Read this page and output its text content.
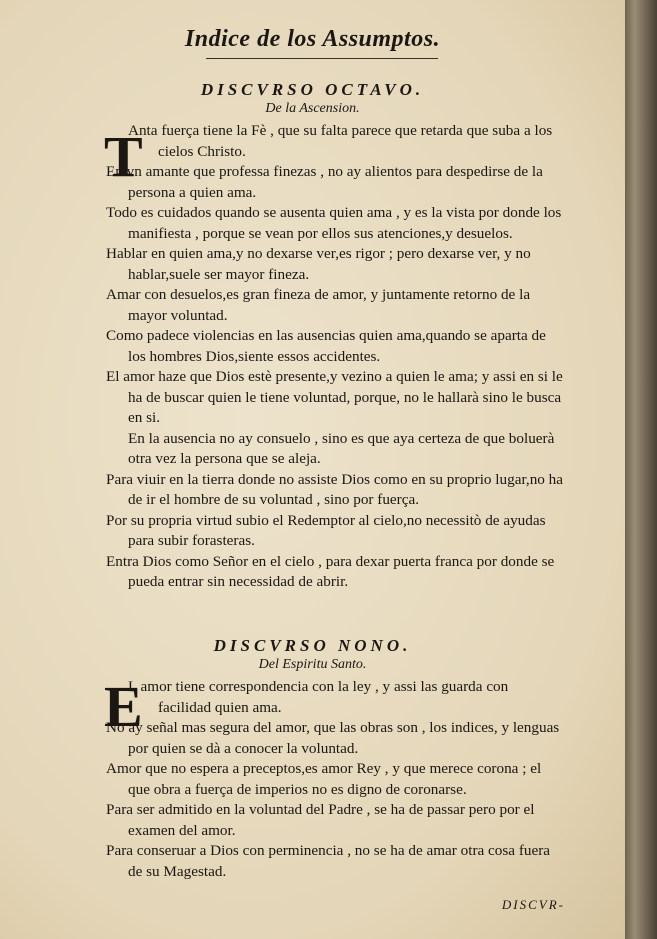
Indice de los Assumptos.

DISCVRSO OCTAVO.

De la Ascension.

T
Anta fuerça tiene la Fè , que su falta parece que retarda que suba a los cielos Christo.
En vn amante que professa finezas , no ay alientos para despedirse de la persona a quien ama.
Todo es cuidados quando se ausenta quien ama , y es la vista por donde los manifiesta , porque se vean por ellos sus atenciones,y desuelos.
Hablar en quien ama,y no dexarse ver,es rigor ; pero dexarse ver, y no hablar,suele ser mayor fineza.
Amar con desuelos,es gran fineza de amor, y juntamente retorno de la mayor voluntad.
Como padece violencias en las ausencias quien ama,quando se aparta de los hombres Dios,siente essos accidentes.
El amor haze que Dios estè presente,y vezino a quien le ama; y assi en si le ha de buscar quien le tiene voluntad, porque, no le hallarà sino le busca en si.
En la ausencia no ay consuelo , sino es que aya certeza de que boluerà otra vez la persona que se aleja.
Para viuir en la tierra donde no assiste Dios como en su proprio lugar,no ha de ir el hombre de su voluntad , sino por fuerça.
Por su propria virtud subio el Redemptor al cielo,no necessitò de ayudas para subir forasteras.
Entra Dios como Señor en el cielo , para dexar puerta franca por donde se pueda entrar sin necessidad de abrir.

DISCVRSO NONO.

Del Espiritu Santo.

E
L amor tiene correspondencia con la ley , y assi las guarda con facilidad quien ama.
No ay señal mas segura del amor, que las obras son , los indices, y lenguas por quien se dà a conocer la voluntad.
Amor que no espera a preceptos,es amor Rey , y que merece corona ; el que obra a fuerça de imperios no es digno de coronarse.
Para ser admitido en la voluntad del Padre , se ha de passar pero por el examen del amor.
Para conseruar a Dios con perminencia , no se ha de amar otra cosa fuera de su Magestad.
DISCVR-
